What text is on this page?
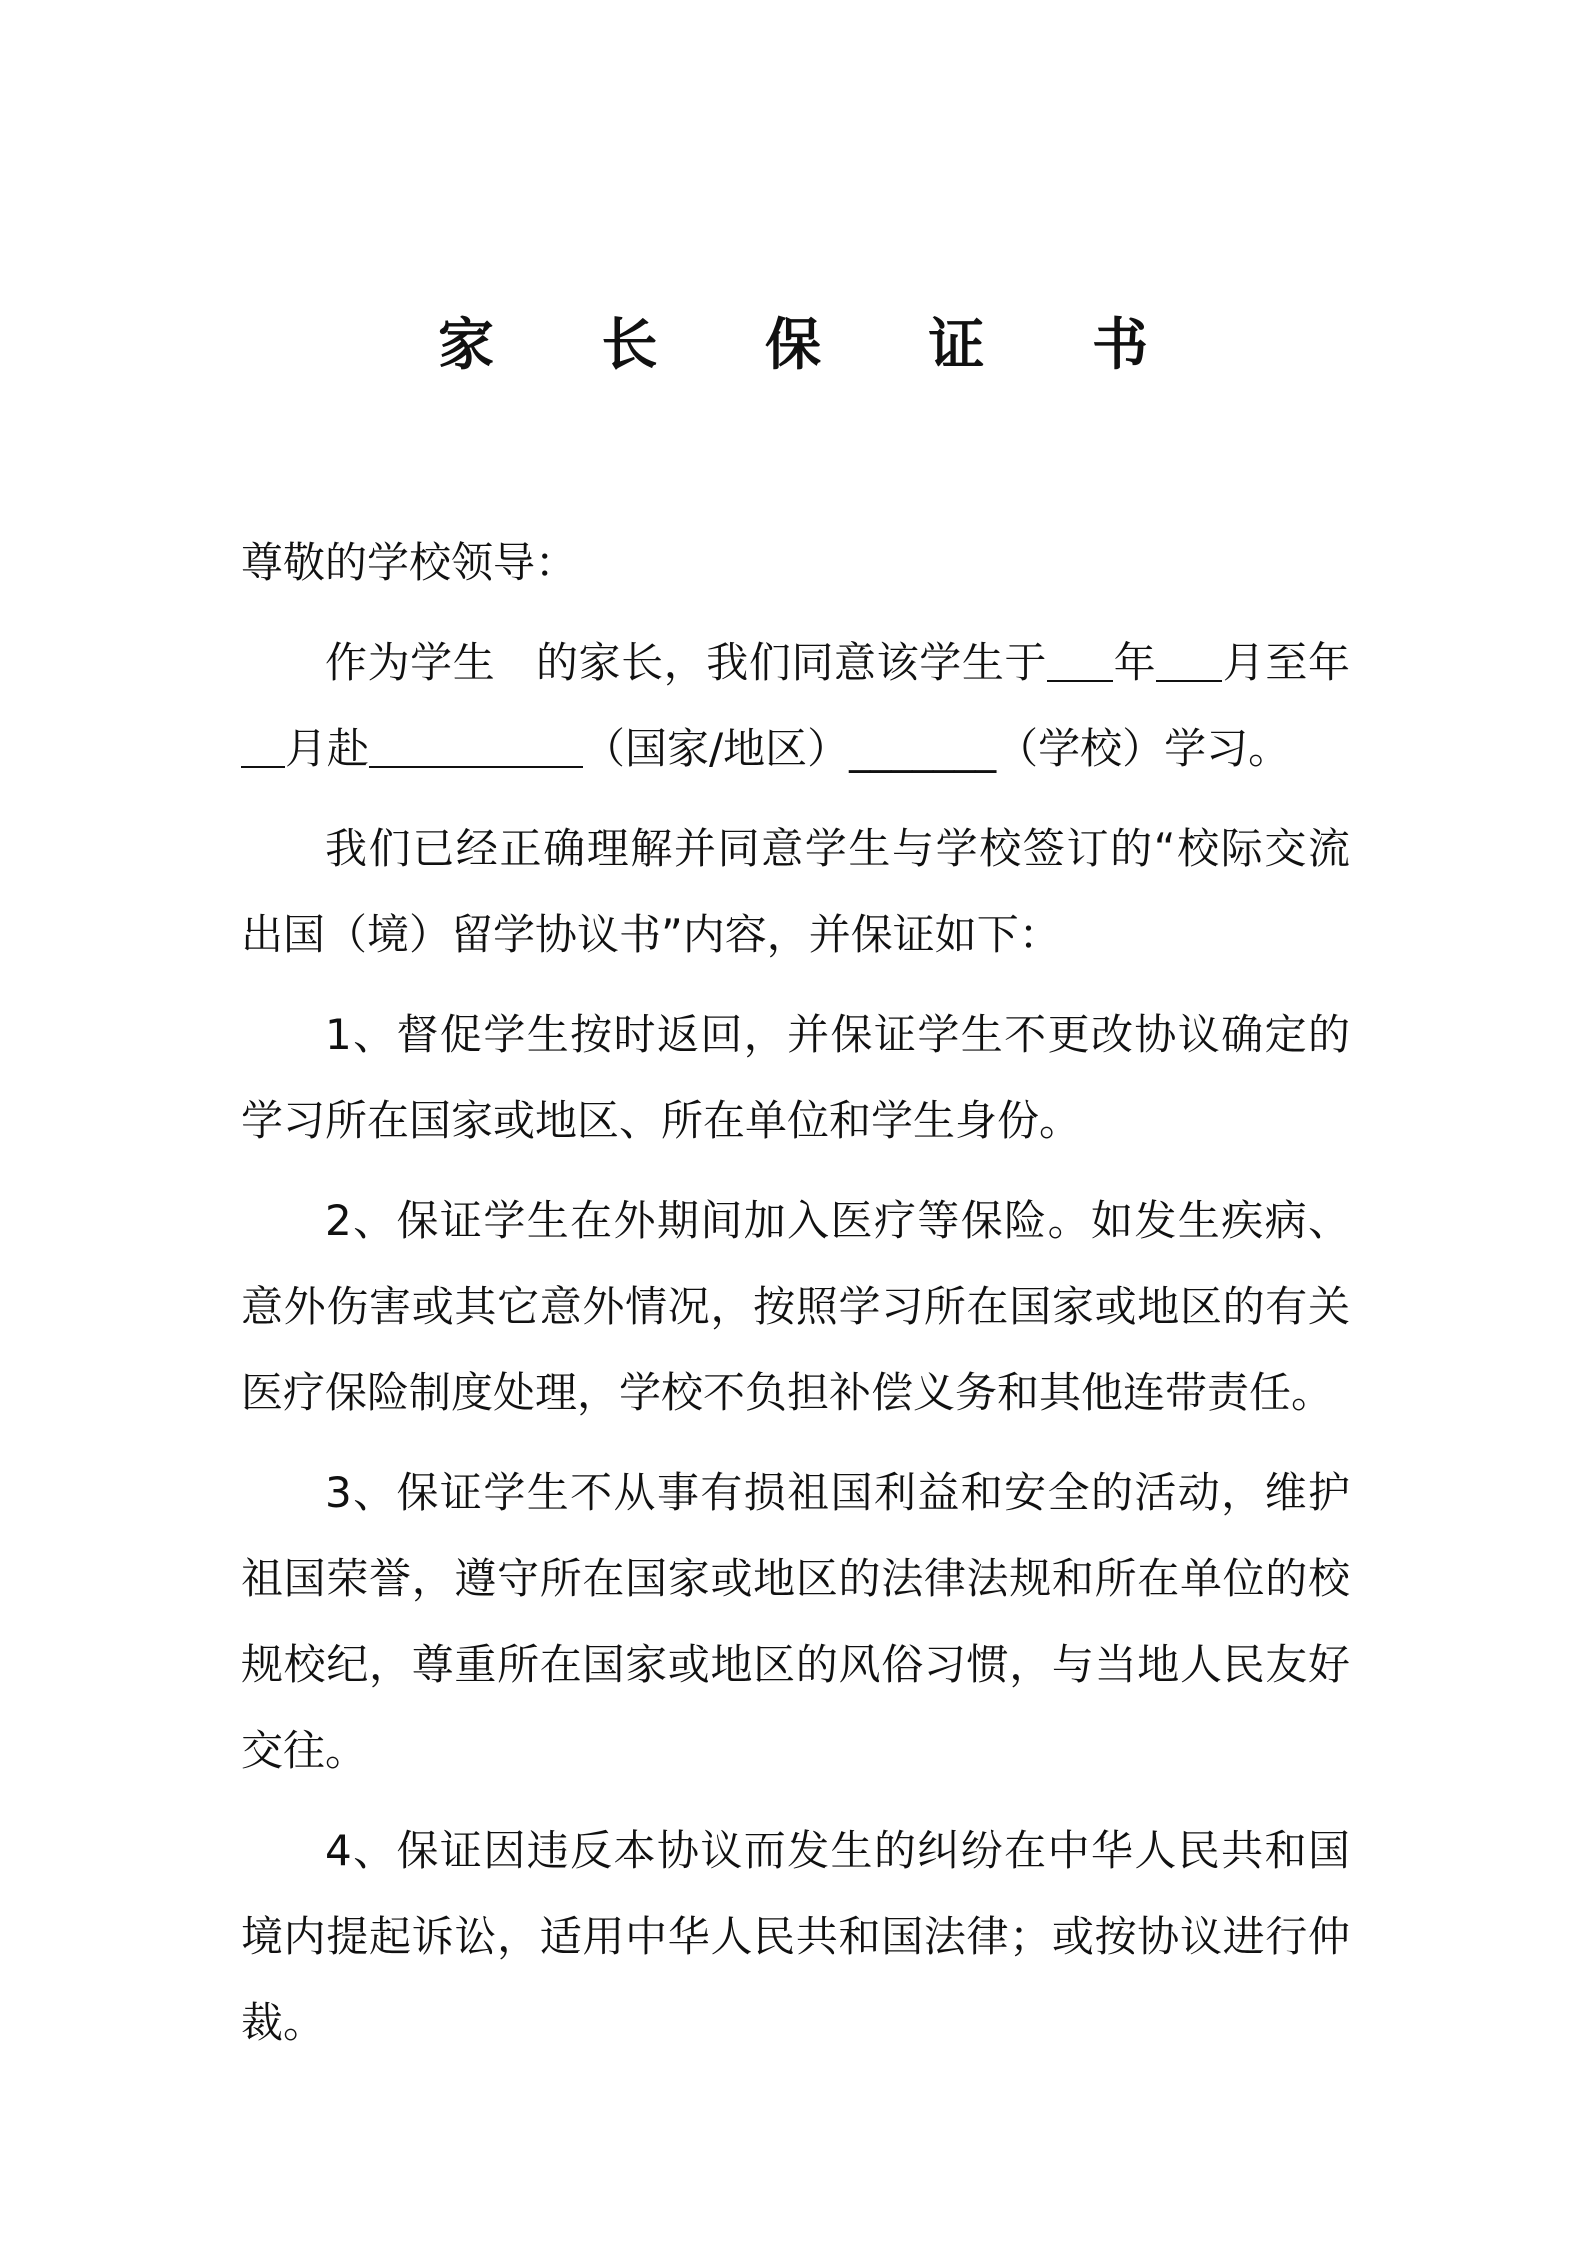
家 长 保 证 书

尊敬的学校领导：

作为学生 的家长，我们同意该学生于 年 月至年月赴	（国家/地区）_______（学校）学习。

我们已经正确理解并同意学生与学校签订的“校际交流出国（境）留学协议书”内容，并保证如下：

1、督促学生按时返回，并保证学生不更改协议确定的学习所在国家或地区、所在单位和学生身份。

2、保证学生在外期间加入医疗等保险。如发生疾病、意外伤害或其它意外情况，按照学习所在国家或地区的有关医疗保险制度处理，学校不负担补偿义务和其他连带责任。

3、保证学生不从事有损祖国利益和安全的活动，维护祖国荣誉，遵守所在国家或地区的法律法规和所在单位的校规校纪，尊重所在国家或地区的风俗习惯，与当地人民友好交往。

4、保证因违反本协议而发生的纠纷在中华人民共和国境内提起诉讼，适用中华人民共和国法律；或按协议进行仲裁。
